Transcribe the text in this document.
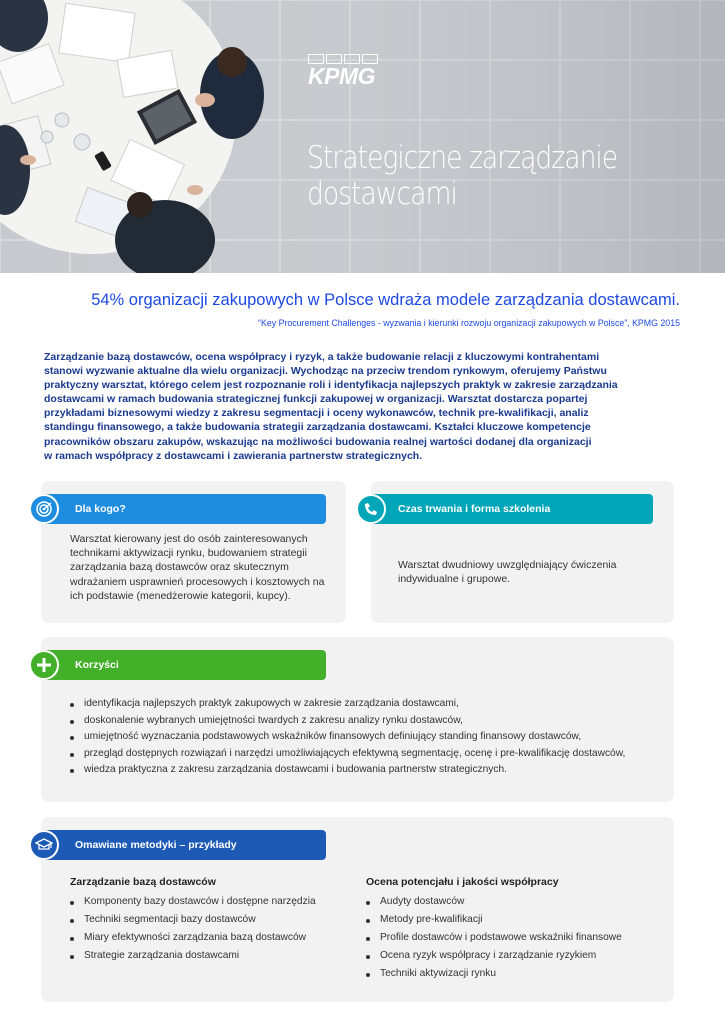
KPMG
Strategiczne zarządzanie
dostawcami
54% organizacji zakupowych w Polsce wdraża modele zarządzania dostawcami.
“Key Procurement Challenges - wyzwania i kierunki rozwoju organizacji zakupowych w Polsce”, KPMG 2015
Zarządzanie bazą dostawców, ocena współpracy i ryzyk, a także budowanie relacji z kluczowymi kontrahentami
stanowi wyzwanie aktualne dla wielu organizacji. Wychodząc na przeciw trendom rynkowym, oferujemy Państwu
praktyczny warsztat, którego celem jest rozpoznanie roli i identyfikacja najlepszych praktyk w zakresie zarządzania
dostawcami w ramach budowania strategicznej funkcji zakupowej w organizacji. Warsztat dostarcza popartej
przykładami biznesowymi wiedzy z zakresu segmentacji i oceny wykonawców, technik pre-kwalifikacji, analiz
standingu finansowego, a także budowania strategii zarządzania dostawcami. Kształci kluczowe kompetencje
pracowników obszaru zakupów, wskazując na możliwości budowania realnej wartości dodanej dla organizacji
w ramach współpracy z dostawcami i zawierania partnerstw strategicznych.
Dla kogo?
Warsztat kierowany jest do osób zainteresowanych
technikami aktywizacji rynku, budowaniem strategii
zarządzania bazą dostawców oraz skutecznym
wdrażaniem usprawnień procesowych i kosztowych na
ich podstawie (menedżerowie kategorii, kupcy).
Czas trwania i forma szkolenia
Warsztat dwudniowy uwzględniający ćwiczenia
indywidualne i grupowe.
Korzyści
identyfikacja najlepszych praktyk zakupowych w zakresie zarządzania dostawcami,
doskonalenie wybranych umiejętności twardych z zakresu analizy rynku dostawców,
umiejętność wyznaczania podstawowych wskaźników finansowych definiujący standing finansowy dostawców,
przegląd dostępnych rozwiązań i narzędzi umożliwiających efektywną segmentację, ocenę i pre-kwalifikację dostawców,
wiedza praktyczna z zakresu zarządzania dostawcami i budowania partnerstw strategicznych.
Omawiane metodyki – przykłady
Zarządzanie bazą dostawców
Komponenty bazy dostawców i dostępne narzędzia
Techniki segmentacji bazy dostawców
Miary efektywności zarządzania bazą dostawców
Strategie zarządzania dostawcami
Ocena potencjału i jakości współpracy
Audyty dostawców
Metody pre-kwalifikacji
Profile dostawców i podstawowe wskaźniki finansowe
Ocena ryzyk współpracy i zarządzanie ryzykiem
Techniki aktywizacji rynku
